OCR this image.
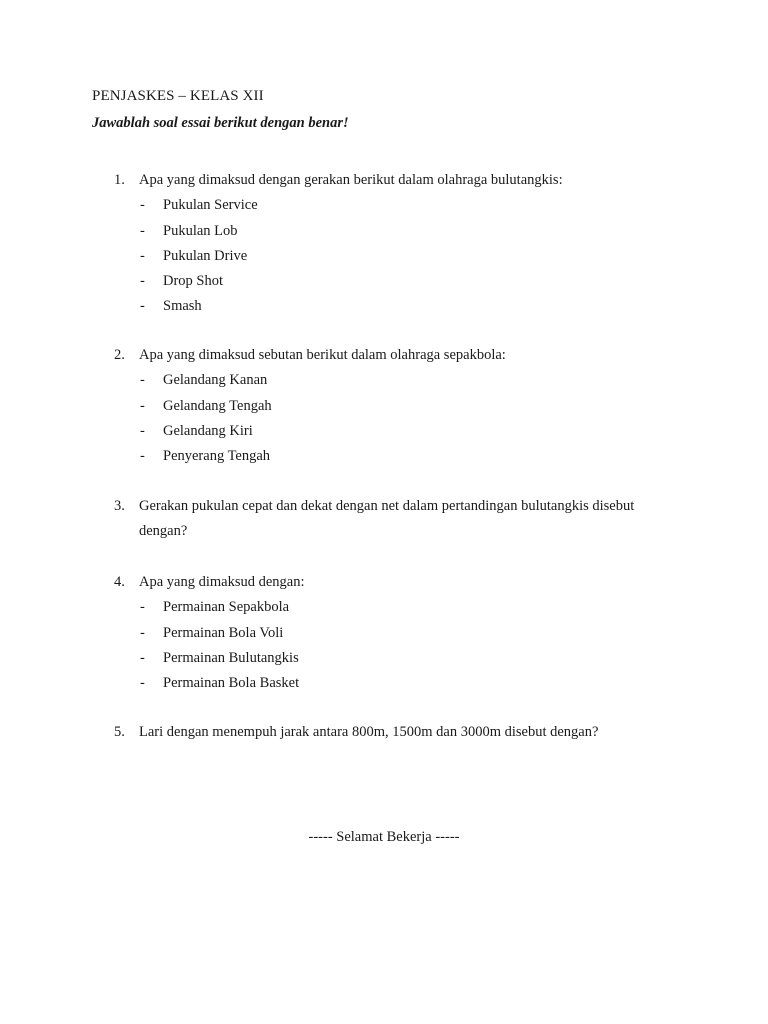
PENJASKES – KELAS XII
Jawablah soal essai berikut dengan benar!
1. Apa yang dimaksud dengan gerakan berikut dalam olahraga bulutangkis:
- Pukulan Service
- Pukulan Lob
- Pukulan Drive
- Drop Shot
- Smash
2. Apa yang dimaksud sebutan berikut dalam olahraga sepakbola:
- Gelandang Kanan
- Gelandang Tengah
- Gelandang Kiri
- Penyerang Tengah
3. Gerakan pukulan cepat dan dekat dengan net dalam pertandingan bulutangkis disebut
dengan?
4. Apa yang dimaksud dengan:
- Permainan Sepakbola
- Permainan Bola Voli
- Permainan Bulutangkis
- Permainan Bola Basket
5. Lari dengan menempuh jarak antara 800m, 1500m dan 3000m disebut dengan?
----- Selamat Bekerja -----
